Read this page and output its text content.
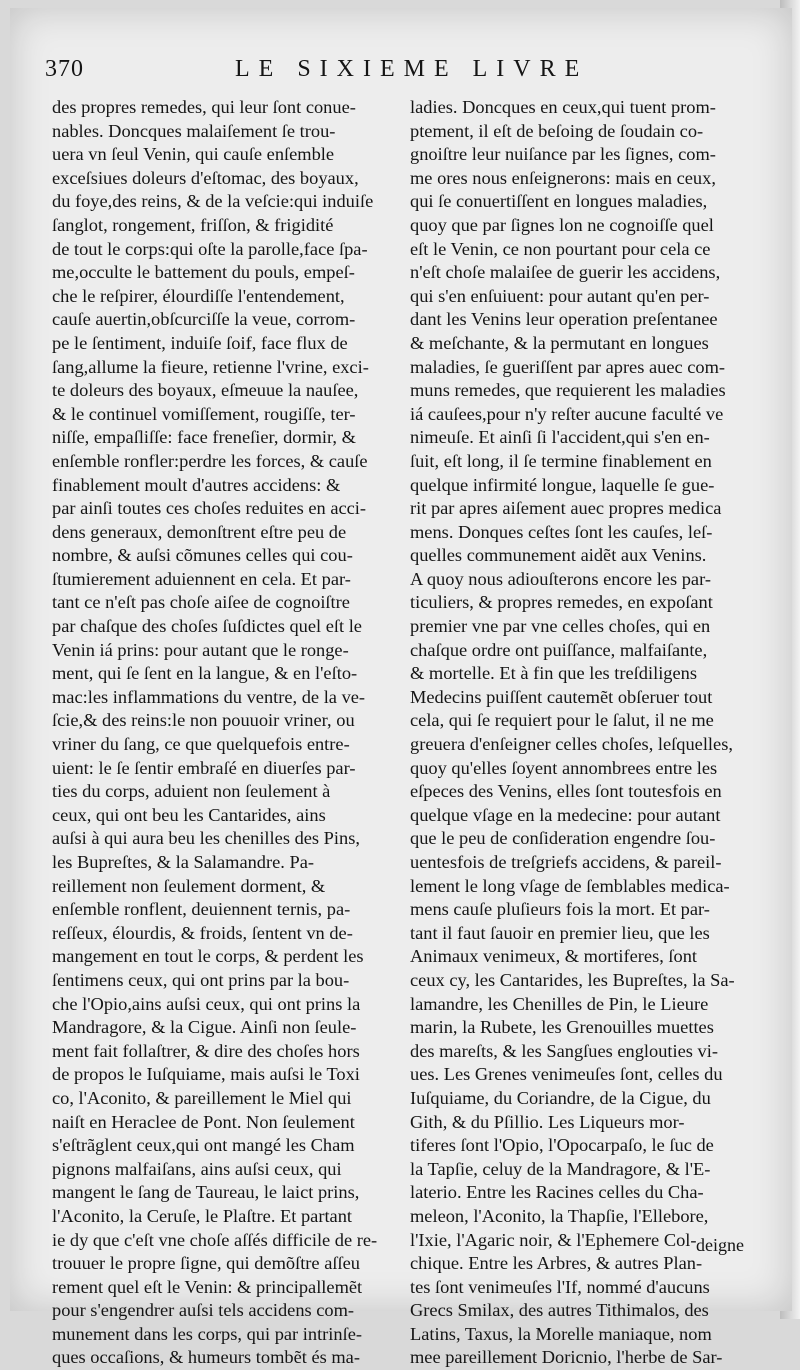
370	LE SIXIEME LIVRE
des propres remedes, qui leur ſont conue-
nables. Doncques malaiſement ſe trou-
uera vn ſeul Venin, qui cauſe enſemble
exceſsiues doleurs d'eſtomac, des boyaux,
du foye,des reins, & de la veſcie:qui induiſe
ſanglot, rongement, friſſon, & frigidité
de tout le corps:qui oſte la parolle,face ſpa-
me,occulte le battement du pouls, empeſ-
che le reſpirer, élourdiſſe l'entendement,
cauſe auertin,obſcurciſſe la veue, corrom-
pe le ſentiment, induiſe ſoif, face flux de
ſang,allume la fieure, retienne l'vrine, exci-
te doleurs des boyaux, eſmeuue la nauſee,
& le continuel vomiſſement, rougiſſe, ter-
niſſe, empaſliſſe: face freneſier, dormir, &
enſemble ronfler:perdre les forces, & cauſe
finablement moult d'autres accidens: &
par ainſi toutes ces choſes reduites en acci-
dens generaux, demonſtrent eſtre peu de
nombre, & auſsi cõmunes celles qui cou-
ſtumierement aduiennent en cela. Et par-
tant ce n'eſt pas choſe aiſee de cognoiſtre
par chaſque des choſes ſuſdictes quel eſt le
Venin iá prins: pour autant que le ronge-
ment, qui ſe ſent en la langue, & en l'eſto-
mac:les inflammations du ventre, de la ve-
ſcie,& des reins:le non pouuoir vriner, ou
vriner du ſang, ce que quelquefois entre-
uient: le ſe ſentir embraſé en diuerſes par-
ties du corps, aduient non ſeulement à
ceux, qui ont beu les Cantarides, ains
auſsi à qui aura beu les chenilles des Pins,
les Bupreſtes, & la Salamandre. Pa-
reillement non ſeulement dorment, &
enſemble ronflent, deuiennent ternis, pa-
reſſeux, élourdis, & froids, ſentent vn de-
mangement en tout le corps, & perdent les
ſentimens ceux, qui ont prins par la bou-
che l'Opio,ains auſsi ceux, qui ont prins la
Mandragore, & la Cigue. Ainſi non ſeule-
ment fait follaſtrer, & dire des choſes hors
de propos le Iuſquiame, mais auſsi le Toxi
co, l'Aconito, & pareillement le Miel qui
naiſt en Heraclee de Pont. Non ſeulement
s'eſtrãglent ceux,qui ont mangé les Cham
pignons malfaiſans, ains auſsi ceux, qui
mangent le ſang de Taureau, le laict prins,
l'Aconito, la Ceruſe, le Plaſtre. Et partant
ie dy que c'eſt vne choſe aſſés difficile de re-
trouuer le propre ſigne, qui demõſtre aſſeu
rement quel eſt le Venin: & principallemẽt
pour s'engendrer auſsi tels accidens com-
munement dans les corps, qui par intrinſe-
ques occaſions, & humeurs tombẽt és ma-
ladies. Doncques en ceux,qui tuent prom-
ptement, il eſt de beſoing de ſoudain co-
gnoiſtre leur nuiſance par les ſignes, com-
me ores nous enſeignerons: mais en ceux,
qui ſe conuertiſſent en longues maladies,
quoy que par ſignes lon ne cognoiſſe quel
eſt le Venin, ce non pourtant pour cela ce
n'eſt choſe malaiſee de guerir les accidens,
qui s'en enſuiuent: pour autant qu'en per-
dant les Venins leur operation preſentanee
& meſchante, & la permutant en longues
maladies, ſe gueriſſent par apres auec com-
muns remedes, que requierent les maladies
iá cauſees,pour n'y reſter aucune faculté ve
nimeuſe. Et ainſi ſi l'accident,qui s'en en-
ſuit, eſt long, il ſe termine finablement en
quelque infirmité longue, laquelle ſe gue-
rit par apres aiſement auec propres medica
mens. Donques ceſtes ſont les cauſes, leſ-
quelles communement aidẽt aux Venins.
A quoy nous adiouſterons encore les par-
ticuliers, & propres remedes, en expoſant
premier vne par vne celles choſes, qui en
chaſque ordre ont puiſſance, malfaiſante,
& mortelle. Et à fin que les treſdiligens
Medecins puiſſent cautemẽt obſeruer tout
cela, qui ſe requiert pour le ſalut, il ne me
greuera d'enſeigner celles choſes, leſquelles,
quoy qu'elles ſoyent annombrees entre les
eſpeces des Venins, elles ſont toutesfois en
quelque vſage en la medecine: pour autant
que le peu de conſideration engendre ſou-
uentesfois de treſgriefs accidens, & pareil-
lement le long vſage de ſemblables medica-
mens cauſe pluſieurs fois la mort. Et par-
tant il faut ſauoir en premier lieu, que les
Animaux venimeux, & mortiferes, ſont
ceux cy, les Cantarides, les Bupreſtes, la Sa-
lamandre, les Chenilles de Pin, le Lieure
marin, la Rubete, les Grenouilles muettes
des mareſts, & les Sangſues englouties vi-
ues. Les Grenes venimeuſes ſont, celles du
Iuſquiame, du Coriandre, de la Cigue, du
Gith, & du Pſillio. Les Liqueurs mor-
tiferes ſont l'Opio, l'Opocarpaſo, le ſuc de
la Tapſie, celuy de la Mandragore, & l'E-
laterio. Entre les Racines celles du Cha-
meleon, l'Aconito, la Thapſie, l'Ellebore,
l'Ixie, l'Agaric noir, & l'Ephemere Col-
chique. Entre les Arbres, & autres Plan-
tes ſont venimeuſes l'If, nommé d'aucuns
Grecs Smilax, des autres Tithimalos, des
Latins, Taxus, la Morelle maniaque, nom
mee pareillement Doricnio, l'herbe de Sar-
deigne
